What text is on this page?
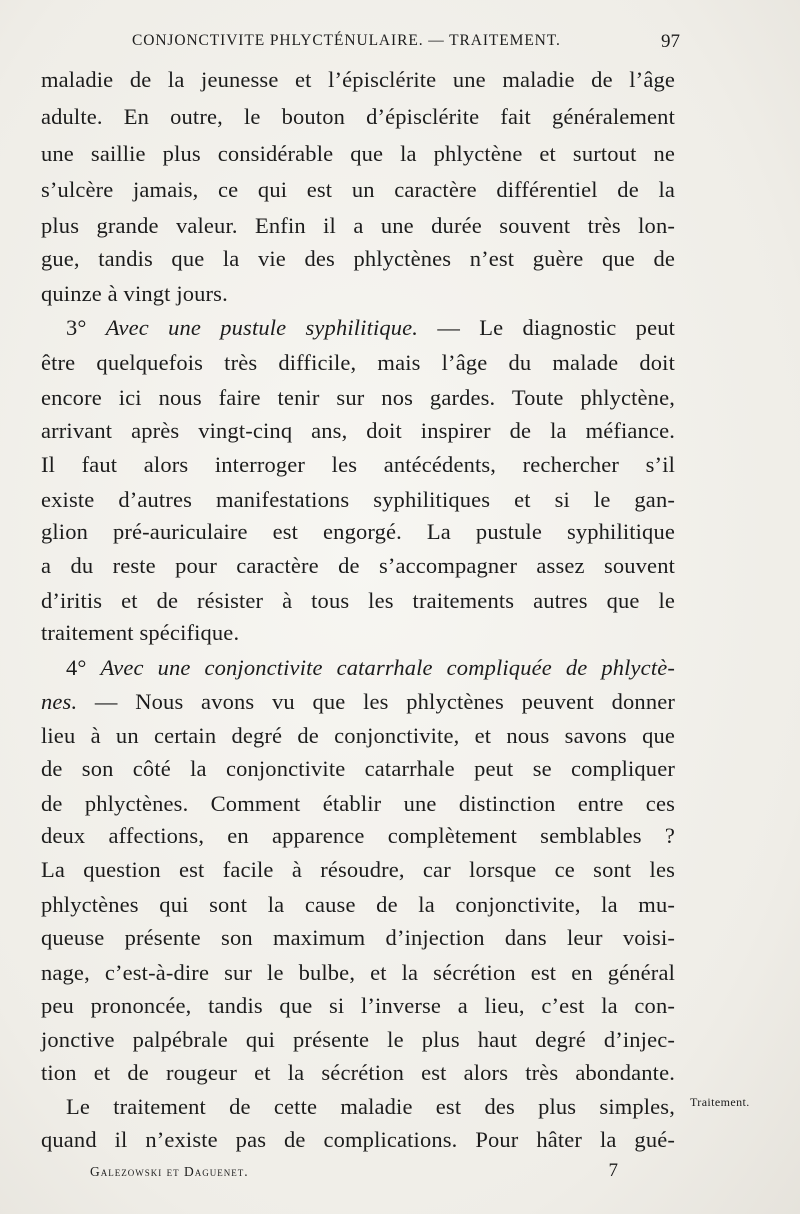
CONJONCTIVITE PHLYCTÉNULAIRE. — TRAITEMENT.	97
maladie de la jeunesse et l’épisclérite une maladie de l’âge
adulte. En outre, le bouton d’épisclérite fait généralement
une saillie plus considérable que la phlyctène et surtout ne
s’ulcère jamais, ce qui est un caractère différentiel de la
plus grande valeur. Enfin il a une durée souvent très lon-
gue, tandis que la vie des phlyctènes n’est guère que de
quinze à vingt jours.
3° Avec une pustule syphilitique. — Le diagnostic peut
être quelquefois très difficile, mais l’âge du malade doit
encore ici nous faire tenir sur nos gardes. Toute phlyctène,
arrivant après vingt-cinq ans, doit inspirer de la méfiance.
Il faut alors interroger les antécédents, rechercher s’il
existe d’autres manifestations syphilitiques et si le gan-
glion pré-auriculaire est engorgé. La pustule syphilitique
a du reste pour caractère de s’accompagner assez souvent
d’iritis et de résister à tous les traitements autres que le
traitement spécifique.
4° Avec une conjonctivite catarrhale compliquée de phlyctè-
nes. — Nous avons vu que les phlyctènes peuvent donner
lieu à un certain degré de conjonctivite, et nous savons que
de son côté la conjonctivite catarrhale peut se compliquer
de phlyctènes. Comment établir une distinction entre ces
deux affections, en apparence complètement semblables ?
La question est facile à résoudre, car lorsque ce sont les
phlyctènes qui sont la cause de la conjonctivite, la mu-
queuse présente son maximum d’injection dans leur voisi-
nage, c’est-à-dire sur le bulbe, et la sécrétion est en général
peu prononcée, tandis que si l’inverse a lieu, c’est la con-
jonctive palpébrale qui présente le plus haut degré d’injec-
tion et de rougeur et la sécrétion est alors très abondante.
Le traitement de cette maladie est des plus simples,
quand il n’existe pas de complications. Pour hâter la gué-
Traitement.
Galezowski et Daguenet.	7
